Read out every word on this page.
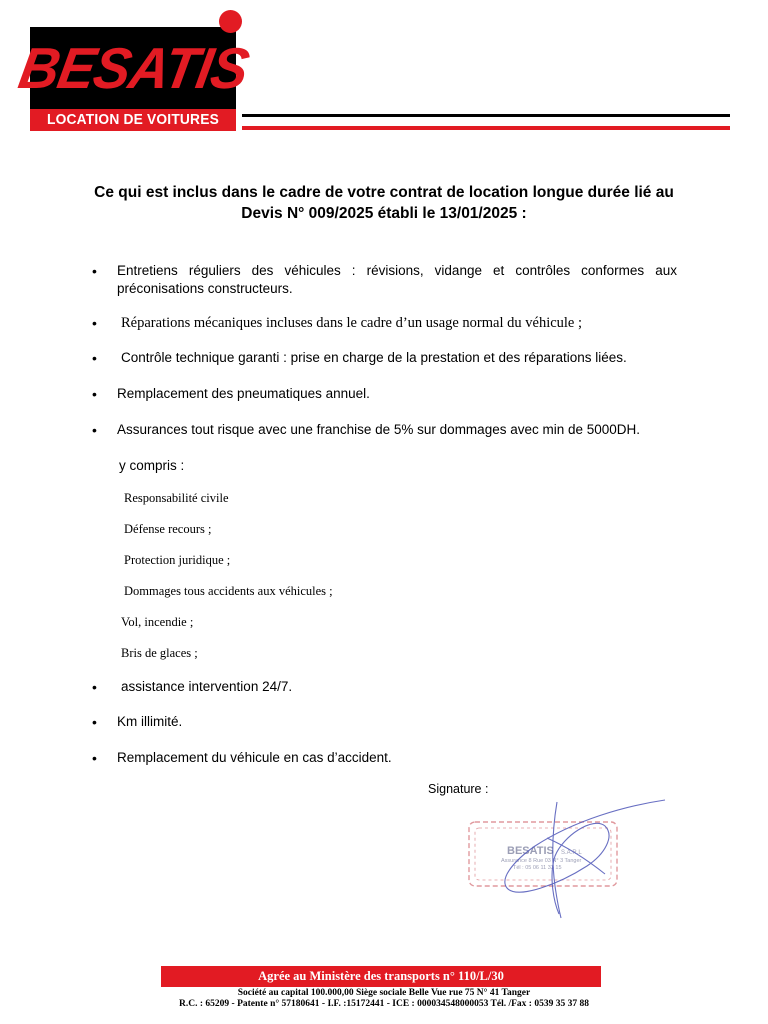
BESATIS
LOCATION DE VOITURES
Ce qui est inclus dans le cadre de votre contrat de location longue durée lié au
Devis N° 009/2025 établi le 13/01/2025 :
• Entretiens réguliers des véhicules : révisions, vidange et contrôles conformes aux
préconisations constructeurs.
• Réparations mécaniques incluses dans le cadre d’un usage normal du véhicule ;
• Contrôle technique garanti : prise en charge de la prestation et des réparations liées.
• Remplacement des pneumatiques annuel.
• Assurances tout risque avec une franchise de 5% sur dommages avec min de 5000DH.
y compris :
Responsabilité civile
Défense recours ;
Protection juridique ;
Dommages tous accidents aux véhicules ;
Vol, incendie ;
Bris de glaces ;
• assistance intervention 24/7.
• Km illimité.
• Remplacement du véhicule en cas d’accident.
Signature :
BESATIS S.A.R.L
Assurance 8 Rue 03 N° 3 Tanger
Tél : 05 06 11 33 15
Agrée au Ministère des transports n° 110/L/30
Société au capital 100.000,00 Siège sociale Belle Vue rue 75 N° 41 Tanger
R.C. : 65209 - Patente n° 57180641 - I.F. :15172441 - ICE : 000034548000053 Tél. /Fax : 0539 35 37 88
